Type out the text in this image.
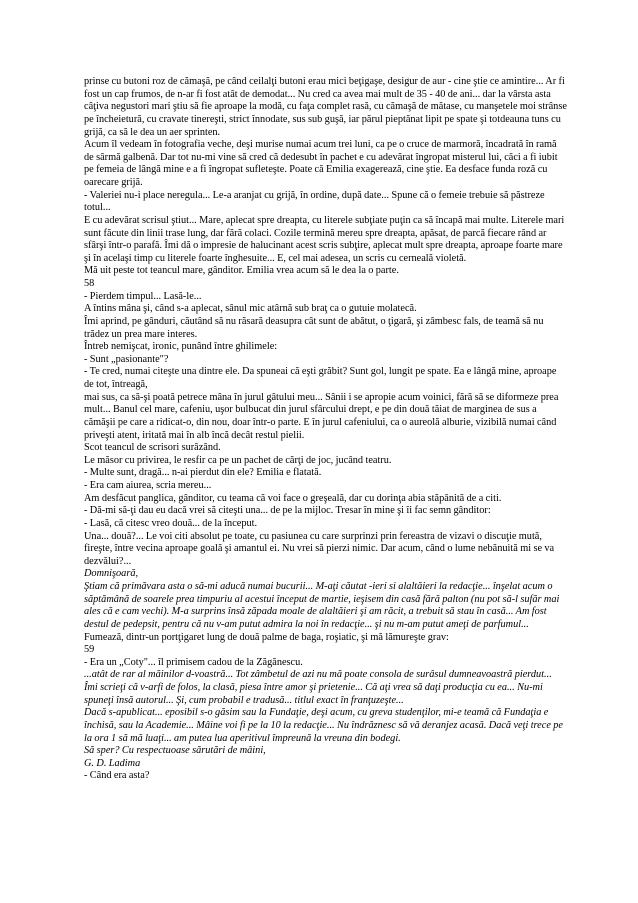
prinse cu butoni roz de cămaşă, pe când ceilalţi butoni erau mici beţigaşe, desigur de aur - cine ştie ce amintire... Ar fi fost un cap frumos, de n-ar fi fost atât de demodat... Nu cred ca avea mai mult de 35 - 40 de ani... dar la vârsta asta câţiva negustori mari ştiu să fie aproape la modă, cu faţa complet rasă, cu cămaşă de mătase, cu manşetele moi strânse pe încheietură, cu cravate tinereşti, strict înnodate, sus sub guşă, iar părul pieptănat lipit pe spate şi totdeauna tuns cu grijă, ca să le dea un aer sprinten.

Acum îl vedeam în fotografia veche, deşi murise numai acum trei luni, ca pe o cruce de marmoră, încadrată în ramă de sârmă galbenă. Dar tot nu-mi vine să cred că dedesubt în pachet e cu adevărat îngropat misterul lui, căci a fi iubit pe femeia de lângă mine e a fi îngropat sufleteşte. Poate că Emilia exagerează, cine ştie. Ea desface funda roză cu oarecare grijă.

- Valeriei nu-i place neregula... Le-a aranjat cu grijă, în ordine, după date... Spune că o femeie trebuie să păstreze totul...

E cu adevărat scrisul ştiut... Mare, aplecat spre dreapta, cu literele subţiate puţin ca să încapă mai multe. Literele mari sunt făcute din linii trase lung, dar fără colaci. Cozile termină mereu spre dreapta, apăsat, de parcă fiecare rând ar sfârşi într-o parafă. Îmi dă o impresie de halucinant acest scris subţire, aplecat mult spre dreapta, aproape foarte mare şi în acelaşi timp cu literele foarte înghesuite... E, cel mai adesea, un scris cu cerneală violetă.

Mă uit peste tot teancul mare, gânditor. Emilia vrea acum să le dea la o parte.

58

- Pierdem timpul... Lasă-le...

A întins mâna şi, când s-a aplecat, sânul mic atârnă sub braţ ca o gutuie molatecă.

Îmi aprind, pe gânduri, căutând să nu răsară deasupra cât sunt de abătut, o ţigară, şi zâmbesc fals, de teamă să nu trădez un prea mare interes.

Întreb nemişcat, ironic, punând între ghilimele:

- Sunt „pasionante"?

- Te cred, numai citeşte una dintre ele. Da spuneai că eşti grăbit? Sunt gol, lungit pe spate. Ea e lângă mine, aproape de tot, întreagă,

mai sus, ca să-şi poată petrece mâna în jurul gâtului meu... Sânii i se apropie acum voinici, fără să se diformeze prea mult... Banul cel mare, cafeniu, uşor bulbucat din jurul sfârcului drept, e pe din două tăiat de marginea de sus a cămăşii pe care a ridicat-o, din nou, doar într-o parte. E în jurul cafeniului, ca o aureolă alburie, vizibilă numai când priveşti atent, iritată mai în alb încă decât restul pielii.

Scot teancul de scrisori surâzând.

Le măsor cu privirea, le resfir ca pe un pachet de cărţi de joc, jucând teatru.

- Multe sunt, dragă... n-ai pierdut din ele? Emilia e flatată.

- Era cam aiurea, scria mereu...

Am desfăcut panglica, gânditor, cu teama că voi face o greşeală, dar cu dorinţa abia stăpânită de a citi.

- Dă-mi să-ţi dau eu dacă vrei să citeşti una... de pe la mijloc. Tresar în mine şi îi fac semn gânditor:

- Lasă, că citesc vreo două... de la început.

Una... două?... Le voi citi absolut pe toate, cu pasiunea cu care surprinzi prin fereastra de vizavi o discuţie mută, fireşte, între vecina aproape goală şi amantul ei. Nu vrei să pierzi nimic. Dar acum, când o lume nebănuită mi se va dezvălui?...

Domnişoară,

Ştiam că primăvara asta o să-mi aducă numai bucurii... M-aţi căutat -ieri si alaltăieri la redacţie... înşelat acum o săptămână de soarele prea timpuriu al acestui început de martie, ieşisem din casă fără palton (nu pot să-l sufăr mai ales că e cam vechi). M-a surprins însă zăpada moale de alaltăieri şi am răcit, a trebuit să stau în casă... Am fost destul de pedepsit, pentru că nu v-am putut admira la noi în redacţie... şi nu m-am putut ameţi de parfumul...

Fumează, dintr-un portţigaret lung de două palme de baga, roşiatic, şi mă lămureşte grav:

59

- Era un „Coty"... îl primisem cadou de la Zăgănescu.

...atât de rar al măinilor d-voastră... Tot zâmbetul de azi nu mă poate consola de surâsul dumneavoastră pierdut...

Îmi scrieţi că v-arfi de folos, la clasă, piesa între amor şi prietenie... Că aţi vrea să daţi producţia cu ea... Nu-mi spuneţi însă autorul... Şi, cum probabil e tradusă... titlul exact în franţuzeşte...

Dacă s-apublicat... eposibil s-o găsim sau la Fundaţie, deşi acum, cu greva studenţilor, mi-e teamă că Fundaţia e închisă, sau la Academie... Mâine voi fi pe la 10 la redacţie... Nu îndrăznesc să vă deranjez acasă. Dacă veţi trece pe la ora 1 să mă luaţi... am putea lua aperitivul împreună la vreuna din bodegi.

Să sper? Cu respectuoase sărutări de mâini,

G. D. Ladima

- Când era asta?
